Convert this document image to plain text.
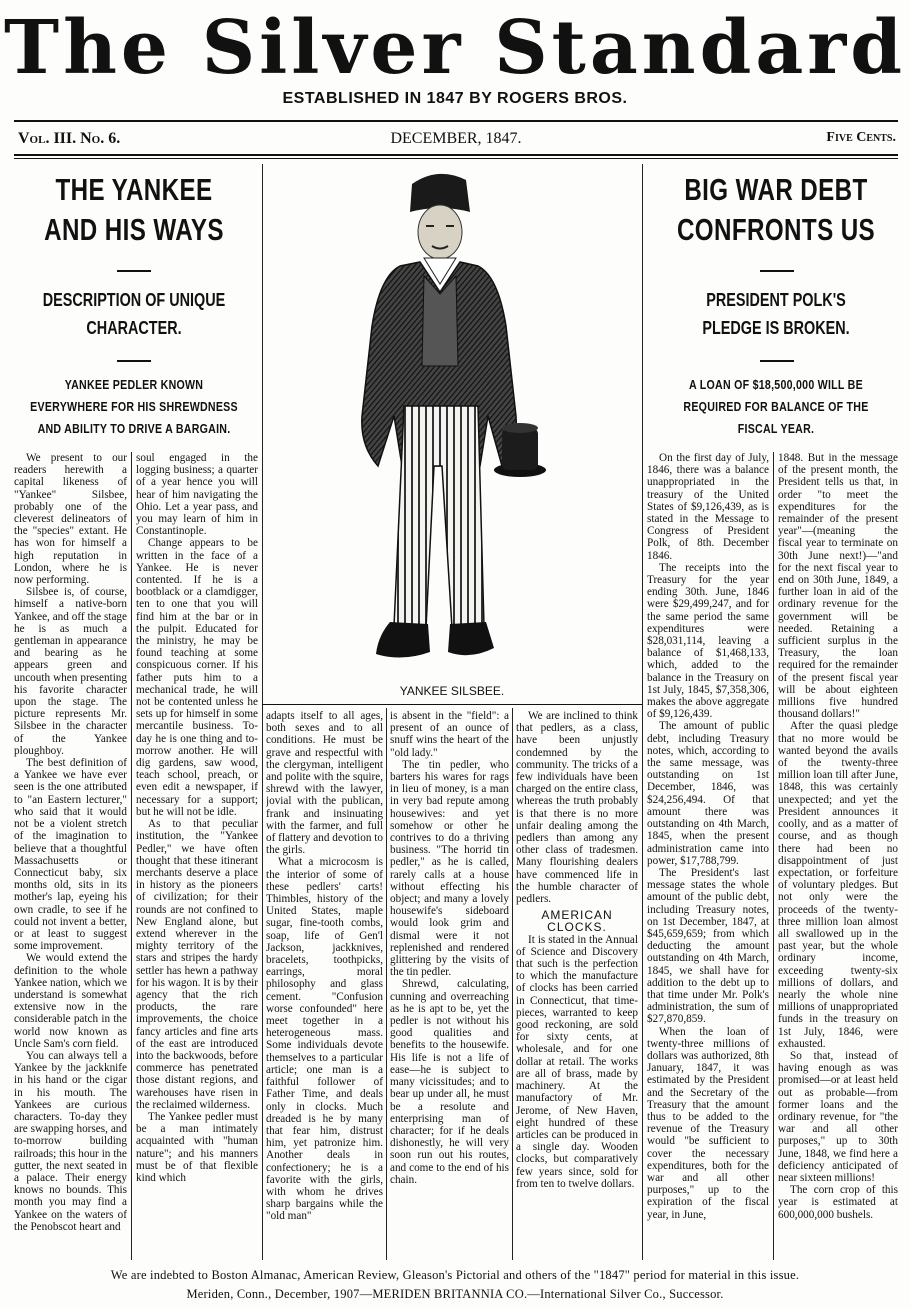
The Silver Standard
ESTABLISHED IN 1847 BY ROGERS BROS.
Vol. III. No. 6.	DECEMBER, 1847.	Five Cents.
THE YANKEE AND HIS WAYS
DESCRIPTION OF UNIQUE CHARACTER.
YANKEE PEDLER KNOWN EVERYWHERE FOR HIS SHREWDNESS AND ABILITY TO DRIVE A BARGAIN.

We present to our readers herewith a capital likeness of "Yankee" Silsbee, probably one of the cleverest delineators of the "species" extant. He has won for himself a high reputation in London, where he is now performing.

Silsbee is, of course, himself a native-born Yankee, and off the stage he is as much a gentleman in appearance and bearing as he appears green and uncouth when presenting his favorite character upon the stage. The picture represents Mr. Silsbee in the character of the Yankee ploughboy.

The best definition of a Yankee we have ever seen is the one attributed to "an Eastern lecturer," who said that it would not be a violent stretch of the imagination to believe that a thoughtful Massachusetts or Connecticut baby, six months old, sits in its mother's lap, eyeing his own cradle, to see if he could not invent a better, or at least to suggest some improvement.

We would extend the definition to the whole Yankee nation, which we understand is somewhat extensive now in the considerable patch in the world now known as Uncle Sam's corn field.

You can always tell a Yankee by the jackknife in his hand or the cigar in his mouth. The Yankees are curious characters. To-day they are swapping horses, and to-morrow building railroads; this hour in the gutter, the next seated in a palace. Their energy knows no bounds. This month you may find a Yankee on the waters of the Penobscot heart and

soul engaged in the logging business; a quarter of a year hence you will hear of him navigating the Ohio. Let a year pass, and you may learn of him in Constantinople.

Change appears to be written in the face of a Yankee. He is never contented. If he is a bootblack or a clamdigger, ten to one that you will find him at the bar or in the pulpit. Educated for the ministry, he may be found teaching at some conspicuous corner. If his father puts him to a mechanical trade, he will not be contented unless he sets up for himself in some mercantile business. To-day he is one thing and to-morrow another. He will dig gardens, saw wood, teach school, preach, or even edit a newspaper, if necessary for a support; but he will not be idle.

As to that peculiar institution, the "Yankee Pedler," we have often thought that these itinerant merchants deserve a place in history as the pioneers of civilization; for their rounds are not confined to New England alone, but extend wherever in the mighty territory of the stars and stripes the hardy settler has hewn a pathway for his wagon. It is by their agency that the rich products, the rare improvements, the choice fancy articles and fine arts of the east are introduced into the backwoods, before commerce has penetrated those distant regions, and warehouses have risen in the reclaimed wilderness.

The Yankee pedler must be a man intimately acquainted with "human nature"; and his manners must be of that flexible kind which

YANKEE SILSBEE.

adapts itself to all ages, both sexes and to all conditions. He must be grave and respectful with the clergyman, intelligent and polite with the squire, shrewd with the lawyer, jovial with the publican, frank and insinuating with the farmer, and full of flattery and devotion to the girls.

What a microcosm is the interior of some of these pedlers' carts! Thimbles, history of the United States, maple sugar, fine-tooth combs, soap, life of Gen'l Jackson, jackknives, bracelets, toothpicks, earrings, moral philosophy and glass cement. "Confusion worse confounded" here meet together in a heterogeneous mass. Some individuals devote themselves to a particular article; one man is a faithful follower of Father Time, and deals only in clocks. Much dreaded is he by many that fear him, distrust him, yet patronize him. Another deals in confectionery; he is a favorite with the girls, with whom he drives sharp bargains while the "old man"

is absent in the "field": a present of an ounce of snuff wins the heart of the "old lady."

The tin pedler, who barters his wares for rags in lieu of money, is a man in very bad repute among housewives: and yet somehow or other he contrives to do a thriving business. "The horrid tin pedler," as he is called, rarely calls at a house without effecting his object; and many a lovely housewife's sideboard would look grim and dismal were it not replenished and rendered glittering by the visits of the tin pedler.

Shrewd, calculating, cunning and overreaching as he is apt to be, yet the pedler is not without his good qualities and benefits to the housewife. His life is not a life of ease—he is subject to many vicissitudes; and to bear up under all, he must be a resolute and enterprising man of character; for if he deals dishonestly, he will very soon run out his routes, and come to the end of his chain.

We are inclined to think that pedlers, as a class, have been unjustly condemned by the community. The tricks of a few individuals have been charged on the entire class, whereas the truth probably is that there is no more unfair dealing among the pedlers than among any other class of tradesmen. Many flourishing dealers have commenced life in the humble character of pedlers.

AMERICAN CLOCKS.

It is stated in the Annual of Science and Discovery that such is the perfection to which the manufacture of clocks has been carried in Connecticut, that time-pieces, warranted to keep good reckoning, are sold for sixty cents, at wholesale, and for one dollar at retail. The works are all of brass, made by machinery. At the manufactory of Mr. Jerome, of New Haven, eight hundred of these articles can be produced in a single day. Wooden clocks, but comparatively few years since, sold for from ten to twelve dollars.

BIG WAR DEBT CONFRONTS US
PRESIDENT POLK'S PLEDGE IS BROKEN.
A LOAN OF $18,500,000 WILL BE REQUIRED FOR BALANCE OF THE FISCAL YEAR.

On the first day of July, 1846, there was a balance unappropriated in the treasury of the United States of $9,126,439, as is stated in the Message to Congress of President Polk, of 8th. December 1846.

The receipts into the Treasury for the year ending 30th. June, 1846 were $29,499,247, and for the same period the same expenditures were $28,031,114, leaving a balance of $1,468,133, which, added to the balance in the Treasury on 1st July, 1845, $7,358,306, makes the above aggregate of $9,126,439.

The amount of public debt, including Treasury notes, which, according to the same message, was outstanding on 1st December, 1846, was $24,256,494. Of that amount there was outstanding on 4th March, 1845, when the present administration came into power, $17,788,799.

The President's last message states the whole amount of the public debt, including Treasury notes, on 1st December, 1847, at $45,659,659; from which deducting the amount outstanding on 4th March, 1845, we shall have for addition to the debt up to that time under Mr. Polk's administration, the sum of $27,870,859.

When the loan of twenty-three millions of dollars was authorized, 8th January, 1847, it was estimated by the President and the Secretary of the Treasury that the amount thus to be added to the revenue of the Treasury would "be sufficient to cover the necessary expenditures, both for the war and all other purposes," up to the expiration of the fiscal year, in June,

1848. But in the message of the present month, the President tells us that, in order "to meet the expenditures for the remainder of the present year"—(meaning the fiscal year to terminate on 30th June next!)—"and for the next fiscal year to end on 30th June, 1849, a further loan in aid of the ordinary revenue for the government will be needed. Retaining a sufficient surplus in the Treasury, the loan required for the remainder of the present fiscal year will be about eighteen millions five hundred thousand dollars!"

After the quasi pledge that no more would be wanted beyond the avails of the twenty-three million loan till after June, 1848, this was certainly unexpected; and yet the President announces it coolly, and as a matter of course, and as though there had been no disappointment of just expectation, or forfeiture of voluntary pledges. But not only were the proceeds of the twenty-three million loan almost all swallowed up in the past year, but the whole ordinary income, exceeding twenty-six millions of dollars, and nearly the whole nine millions of unappropriated funds in the treasury on 1st July, 1846, were exhausted.

So that, instead of having enough as was promised—or at least held out as probable—from former loans and the ordinary revenue, for "the war and all other purposes," up to 30th June, 1848, we find here a deficiency anticipated of near sixteen millions!

The corn crop of this year is estimated at 600,000,000 bushels.

We are indebted to Boston Almanac, American Review, Gleason's Pictorial and others of the "1847" period for material in this issue.
Meriden, Conn., December, 1907—MERIDEN BRITANNIA CO.—International Silver Co., Successor.
